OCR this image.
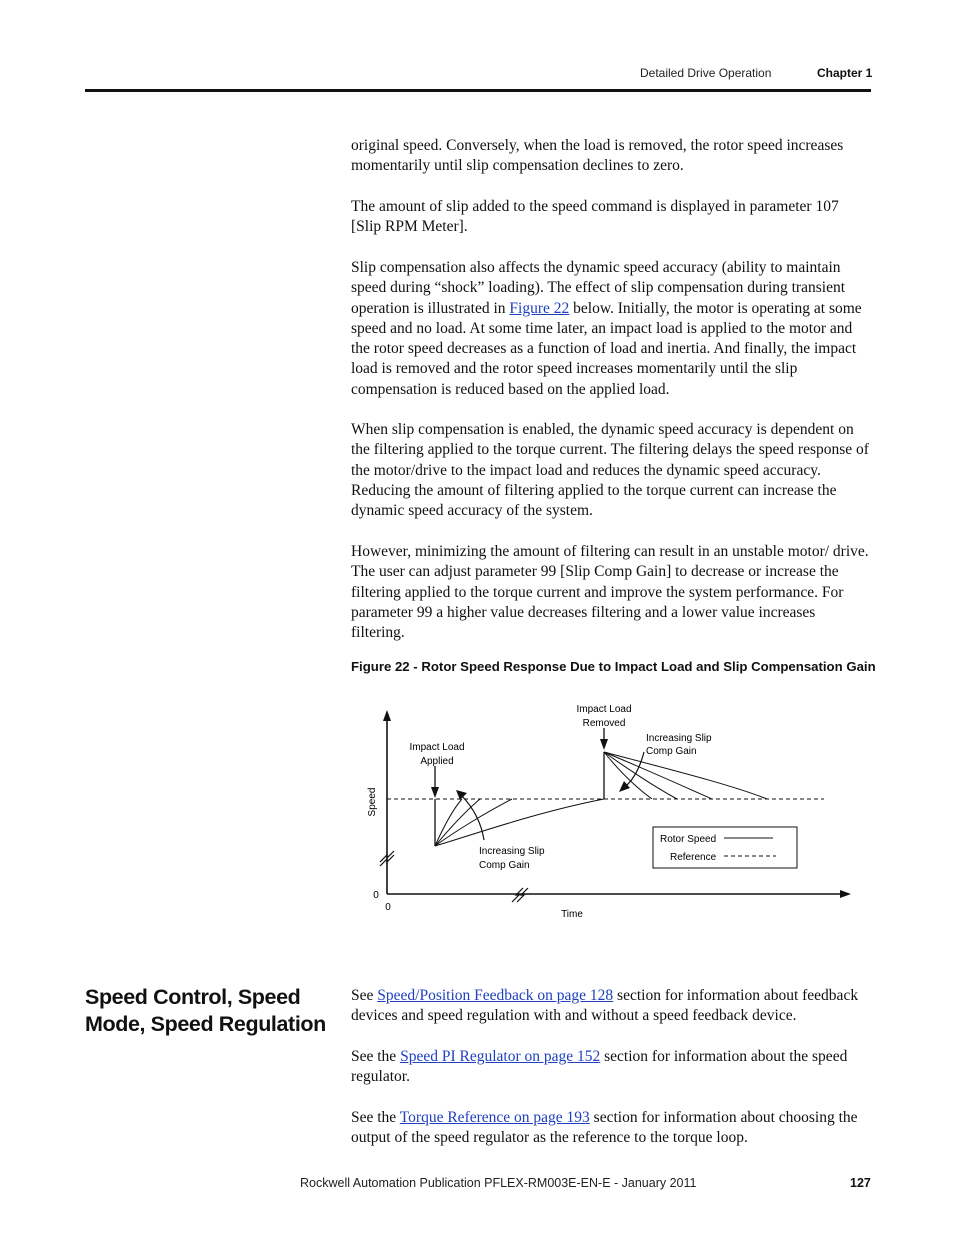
Detailed Drive Operation	Chapter 1

original speed. Conversely, when the load is removed, the rotor speed increases momentarily until slip compensation declines to zero.

The amount of slip added to the speed command is displayed in parameter 107 [Slip RPM Meter].

Slip compensation also affects the dynamic speed accuracy (ability to maintain speed during “shock” loading). The effect of slip compensation during transient operation is illustrated in Figure 22 below. Initially, the motor is operating at some speed and no load. At some time later, an impact load is applied to the motor and the rotor speed decreases as a function of load and inertia. And finally, the impact load is removed and the rotor speed increases momentarily until the slip compensation is reduced based on the applied load.

When slip compensation is enabled, the dynamic speed accuracy is dependent on the filtering applied to the torque current. The filtering delays the speed response of the motor/drive to the impact load and reduces the dynamic speed accuracy. Reducing the amount of filtering applied to the torque current can increase the dynamic speed accuracy of the system.

However, minimizing the amount of filtering can result in an unstable motor/ drive. The user can adjust parameter 99 [Slip Comp Gain] to decrease or increase the filtering applied to the torque current and improve the system performance. For parameter 99 a higher value decreases filtering and a lower value increases filtering.

Figure 22 - Rotor Speed Response Due to Impact Load and Slip Compensation Gain
Impact Load
Applied
Impact Load
Removed
Increasing Slip
Comp Gain
Increasing Slip
Comp Gain
Speed
Time
0
0
Rotor Speed
Reference
Speed Control, Speed Mode, Speed Regulation

See Speed/Position Feedback on page 128 section for information about feedback devices and speed regulation with and without a speed feedback device.

See the Speed PI Regulator on page 152 section for information about the speed regulator.

See the Torque Reference on page 193 section for information about choosing the output of the speed regulator as the reference to the torque loop.

Rockwell Automation Publication PFLEX-RM003E-EN-E - January 2011	127
